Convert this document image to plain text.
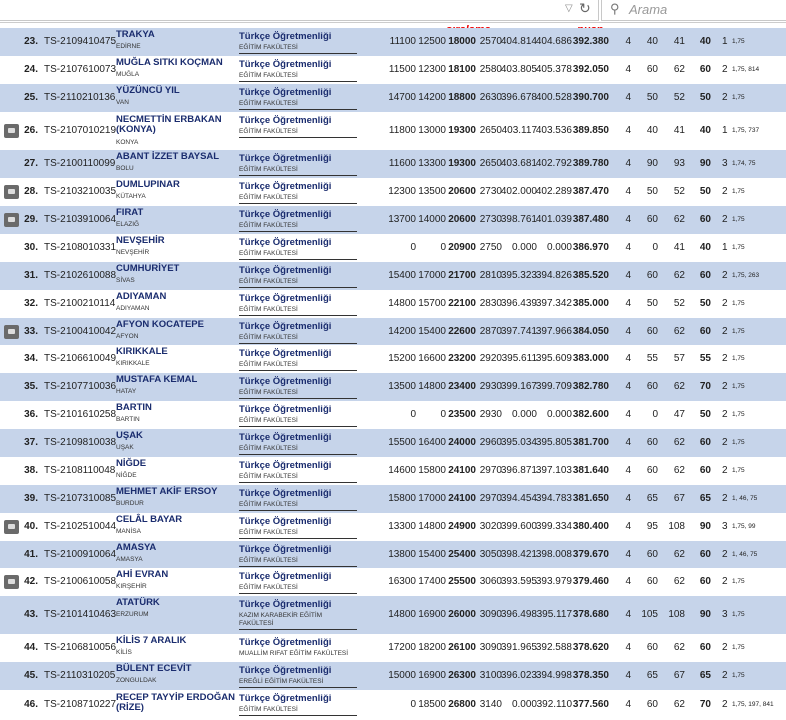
▽ ↻ ⚲ Arama
23. TS-2 109410475
TRAKYA
EDİRNE
Türkçe Öğretmenliği
EĞİTİM FAKÜLTESİ
11100 12500 18000 2570
404.814
404.686 392.380 4 40 41 40 1 1,75
24. TS-2 107610073
MUĞLA SITKI KOÇMAN
MUĞLA
Türkçe Öğretmenliği
EĞİTİM FAKÜLTESİ
11500 12300 18100 2580
403.805
405.378 392.050 4 60 62 60 2 1,75, 814
25. TS-2 110210136
YÜZÜNCÜ YIL
VAN
Türkçe Öğretmenliği
EĞİTİM FAKÜLTESİ
14700 14200 18800 2630
396.678
400.528 390.700 4 50 52 50 2 1,75
26. TS-2 107010219
NECMETTİN ERBAKAN
(KONYA)
KONYA
Türkçe Öğretmenliği
EĞİTİM FAKÜLTESİ	11800 13000 19300 2650 403.117
403.536 389.850 4 40 41 40 1 1,75, 737
27. TS-2 100110099
ABANT İZZET BAYSAL
BOLU
Türkçe Öğretmenliği
EĞİTİM FAKÜLTESİ
11600 13300 19300 2650
403.681
402.792 389.780 4 90 93 90 3 1,74, 75
28. TS-2 103210035
DUMLUPINAR
KÜTAHYA
Türkçe Öğretmenliği
EĞİTİM FAKÜLTESİ
12300 13500 20600 2730
402.000
402.289 387.470 4 50 52 50 2 1,75
29. TS-2 103910064
FIRAT
ELAZIĞ
Türkçe Öğretmenliği
EĞİTİM FAKÜLTESİ
13700 14000 20600 2730
398.761
401.039 387.480 4 60 62 60 2 1,75
30. TS-2 108010331
NEVŞEHİR
NEVŞEHİR
Türkçe Öğretmenliği
EĞİTİM FAKÜLTESİ
0 0 20900 2750 0.000 0.000 386.970 4 0 41 40 1 1,75
31. TS-2 102610088
CUMHURİYET
SİVAS
Türkçe Öğretmenliği
EĞİTİM FAKÜLTESİ
15400 17000 21700 2810
395.323
394.826 385.520 4 60 62 60 2 1,75, 263
32. TS-2 100210114
ADIYAMAN
ADIYAMAN
Türkçe Öğretmenliği
EĞİTİM FAKÜLTESİ
14800 15700 22100 2830
396.439
397.342 385.000 4 50 52 50 2 1,75
33. TS-2 100410042
AFYON KOCATEPE
AFYON
Türkçe Öğretmenliği
EĞİTİM FAKÜLTESİ
14200 15400 22600 2870
397.741
397.966 384.050 4 60 62 60 2 1,75
34. TS-2 106610049
KIRIKKALE
KIRIKKALE
Türkçe Öğretmenliği
EĞİTİM FAKÜLTESİ
15200 16600 23200 2920 395.611
395.609 383.000 4 55 57 55 2 1,75
35. TS-2 107710036
MUSTAFA KEMAL
HATAY
Türkçe Öğretmenliği
EĞİTİM FAKÜLTESİ
13500 14800 23400 2930
399.167
399.709 382.780 4 60 62 70 2 1,75
36. TS-2 101610258
BARTIN
BARTIN
Türkçe Öğretmenliği
EĞİTİM FAKÜLTESİ
0 0 23500 2930 0.000 0.000 382.600 4 0 47 50 2 1,75
37. TS-2 109810038
UŞAK
UŞAK
Türkçe Öğretmenliği
EĞİTİM FAKÜLTESİ
15500 16400 24000 2960
395.034
395.805 381.700 4 60 62 60 2 1,75
38. TS-2 108110048
NİĞDE
NİĞDE
Türkçe Öğretmenliği
EĞİTİM FAKÜLTESİ
14600 15800 24100 2970
396.871
397.103 381.640 4 60 62 60 2 1,75
39. TS-2 107310085
MEHMET AKİF ERSOY
BURDUR
Türkçe Öğretmenliği
EĞİTİM FAKÜLTESİ
15800 17000 24100 2970
394.454
394.783 381.650 4 65 67 65 2 1, 46, 75
40. TS-2 102510044
CELÂL BAYAR
MANİSA
Türkçe Öğretmenliği
EĞİTİM FAKÜLTESİ
13300 14800 24900 3020
399.600
399.334 380.400 4 95 108 90 3 1,75, 99
41. TS-2 100910064
AMASYA
AMASYA
Türkçe Öğretmenliği
EĞİTİM FAKÜLTESİ
13800 15400 25400 3050
398.421
398.008 379.670 4 60 62 60 2 1, 46, 75
42. TS-2 100610058
AHİ EVRAN
KIRŞEHİR
Türkçe Öğretmenliği
EĞİTİM FAKÜLTESİ
16300 17400 25500 3060
393.595
393.979 379.460 4 60 62 60 2 1,75
43. TS-2 101410463
ATATÜRK
ERZURUM
Türkçe Öğretmenliği
KAZIM KARABEKİR EĞİTİM FAKÜLTESİ
14800 16900 26000 3090
396.498 395.117 378.680 4 105 108 90 3 1,75
44. TS-2 106810056
KİLİS 7 ARALIK
KİLİS
Türkçe Öğretmenliği
MUALLİM RIFAT EĞİTİM FAKÜLTESİ
17200 18200 26100 3090
391.965
392.588 378.620 4 60 62 60 2 1,75
45. TS-2 110310205
BÜLENT ECEVİT
ZONGULDAK
Türkçe Öğretmenliği
EREĞLİ EĞİTİM FAKÜLTESİ
15000 16900 26300 3100
396.023
394.998 378.350 4 65 67 65 2 1,75
46. TS-2 108710227
RECEP TAYYİP ERDOĞAN
(RİZE)
Türkçe Öğretmenliği
EĞİTİM FAKÜLTESİ	0 18500 26800 3140 0.000 392.110 377.560 4 60 62 70 2 1,75, 197, 841
